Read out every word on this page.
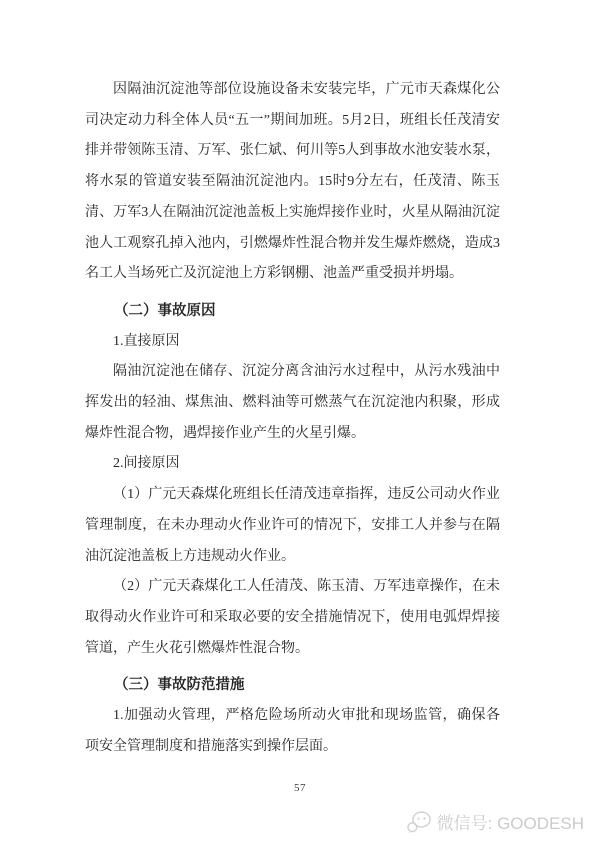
因隔油沉淀池等部位设施设备未安装完毕，广元市天森煤化公司决定动力科全体人员“五一”期间加班。5月2日，班组长任茂清安排并带领陈玉清、万军、张仁斌、何川等5人到事故水池安装水泵，将水泵的管道安装至隔油沉淀池内。15时9分左右，任茂清、陈玉清、万军3人在隔油沉淀池盖板上实施焊接作业时，火星从隔油沉淀池人工观察孔掉入池内，引燃爆炸性混合物并发生爆炸燃烧，造成3名工人当场死亡及沉淀池上方彩钢棚、池盖严重受损并坍塌。

（二）事故原因

1.直接原因

隔油沉淀池在储存、沉淀分离含油污水过程中，从污水残油中挥发出的轻油、煤焦油、燃料油等可燃蒸气在沉淀池内积聚，形成爆炸性混合物，遇焊接作业产生的火星引爆。

2.间接原因

（1）广元天森煤化班组长任清茂违章指挥，违反公司动火作业管理制度，在未办理动火作业许可的情况下，安排工人并参与在隔油沉淀池盖板上方违规动火作业。

（2）广元天森煤化工人任清茂、陈玉清、万军违章操作，在未取得动火作业许可和采取必要的安全措施情况下，使用电弧焊焊接管道，产生火花引燃爆炸性混合物。

（三）事故防范措施

1.加强动火管理，严格危险场所动火审批和现场监管，确保各项安全管理制度和措施落实到操作层面。

57
微信号: GOODESH
